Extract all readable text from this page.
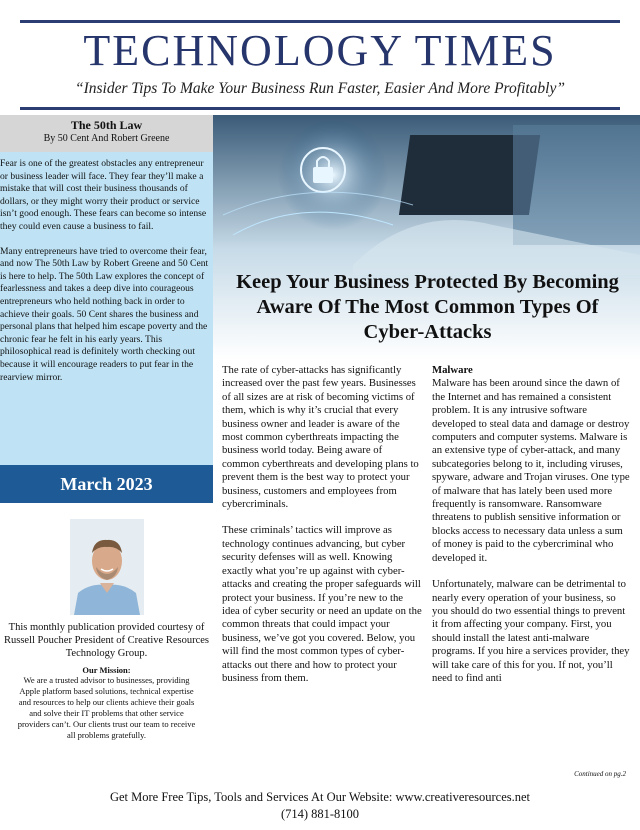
TECHNOLOGY TIMES
“Insider Tips To Make Your Business Run Faster, Easier And More Profitably”
The 50th Law
By 50 Cent And Robert Greene

Fear is one of the greatest obstacles any entrepreneur or business leader will face. They fear they’ll make a mistake that will cost their business thousands of dollars, or they might worry their product or service isn’t good enough. These fears can become so intense they could even cause a business to fail.

Many entrepreneurs have tried to overcome their fear, and now The 50th Law by Robert Greene and 50 Cent is here to help. The 50th Law explores the concept of fearlessness and takes a deep dive into courageous entrepreneurs who held nothing back in order to achieve their goals. 50 Cent shares the business and personal plans that helped him escape poverty and the chronic fear he felt in his early years. This philosophical read is definitely worth checking out because it will encourage readers to put fear in the rearview mirror.

March 2023
This monthly publication provided courtesy of Russell Poucher President of Creative Resources Technology Group.
Our Mission:
We are a trusted advisor to businesses, providing Apple platform based solutions, technical expertise and resources to help our clients achieve their goals and solve their IT problems that other service providers can’t. Our clients trust our team to receive all problems gratefully.
Keep Your Business Protected By Becoming Aware Of The Most Common Types Of Cyber-Attacks

The rate of cyber-attacks has significantly increased over the past few years. Businesses of all sizes are at risk of becoming victims of them, which is why it’s crucial that every business owner and leader is aware of the most common cyberthreats impacting the business world today. Being aware of common cyberthreats and developing plans to prevent them is the best way to protect your business, customers and employees from cybercriminals.

These criminals’ tactics will improve as technology continues advancing, but cyber security defenses will as well. Knowing exactly what you’re up against with cyber-attacks and creating the proper safeguards will protect your business. If you’re new to the idea of cyber security or need an update on the common threats that could impact your business, we’ve got you covered. Below, you will find the most common types of cyber-attacks out there and how to protect your business from them.

Malware

Malware has been around since the dawn of the Internet and has remained a consistent problem. It is any intrusive software developed to steal data and damage or destroy computers and computer systems. Malware is an extensive type of cyber-attack, and many subcategories belong to it, including viruses, spyware, adware and Trojan viruses. One type of malware that has lately been used more frequently is ransomware. Ransomware threatens to publish sensitive information or blocks access to necessary data unless a sum of money is paid to the cybercriminal who developed it.

Unfortunately, malware can be detrimental to nearly every operation of your business, so you should do two essential things to prevent it from affecting your company. First, you should install the latest anti-malware programs. If you hire a services provider, they will take care of this for you. If not, you’ll need to find anti

Continued on pg.2
Get More Free Tips, Tools and Services At Our Website: www.creativeresources.net
(714) 881-8100
